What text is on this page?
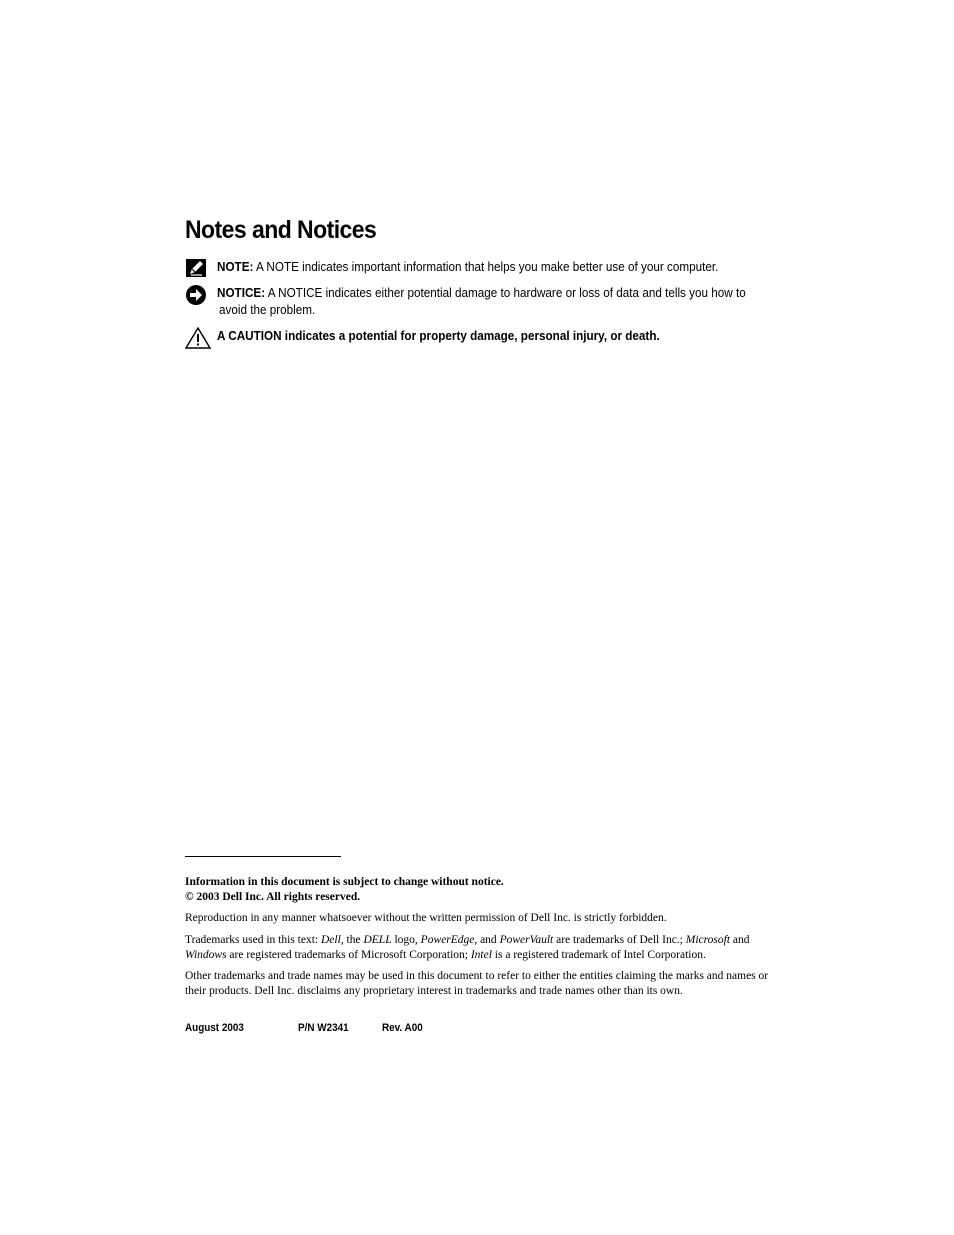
Notes and Notices
NOTE: A NOTE indicates important information that helps you make better use of your computer.
NOTICE: A NOTICE indicates either potential damage to hardware or loss of data and tells you how to
avoid the problem.
A CAUTION indicates a potential for property damage, personal injury, or death.
Information in this document is subject to change without notice.
© 2003 Dell Inc. All rights reserved.
Reproduction in any manner whatsoever without the written permission of Dell Inc. is strictly forbidden.
Trademarks used in this text: Dell, the DELL logo, PowerEdge, and PowerVault are trademarks of Dell Inc.; Microsoft and
Windows are registered trademarks of Microsoft Corporation; Intel is a registered trademark of Intel Corporation.
Other trademarks and trade names may be used in this document to refer to either the entities claiming the marks and names or
their products. Dell Inc. disclaims any proprietary interest in trademarks and trade names other than its own.
August 2003	P/N W2341	Rev. A00
